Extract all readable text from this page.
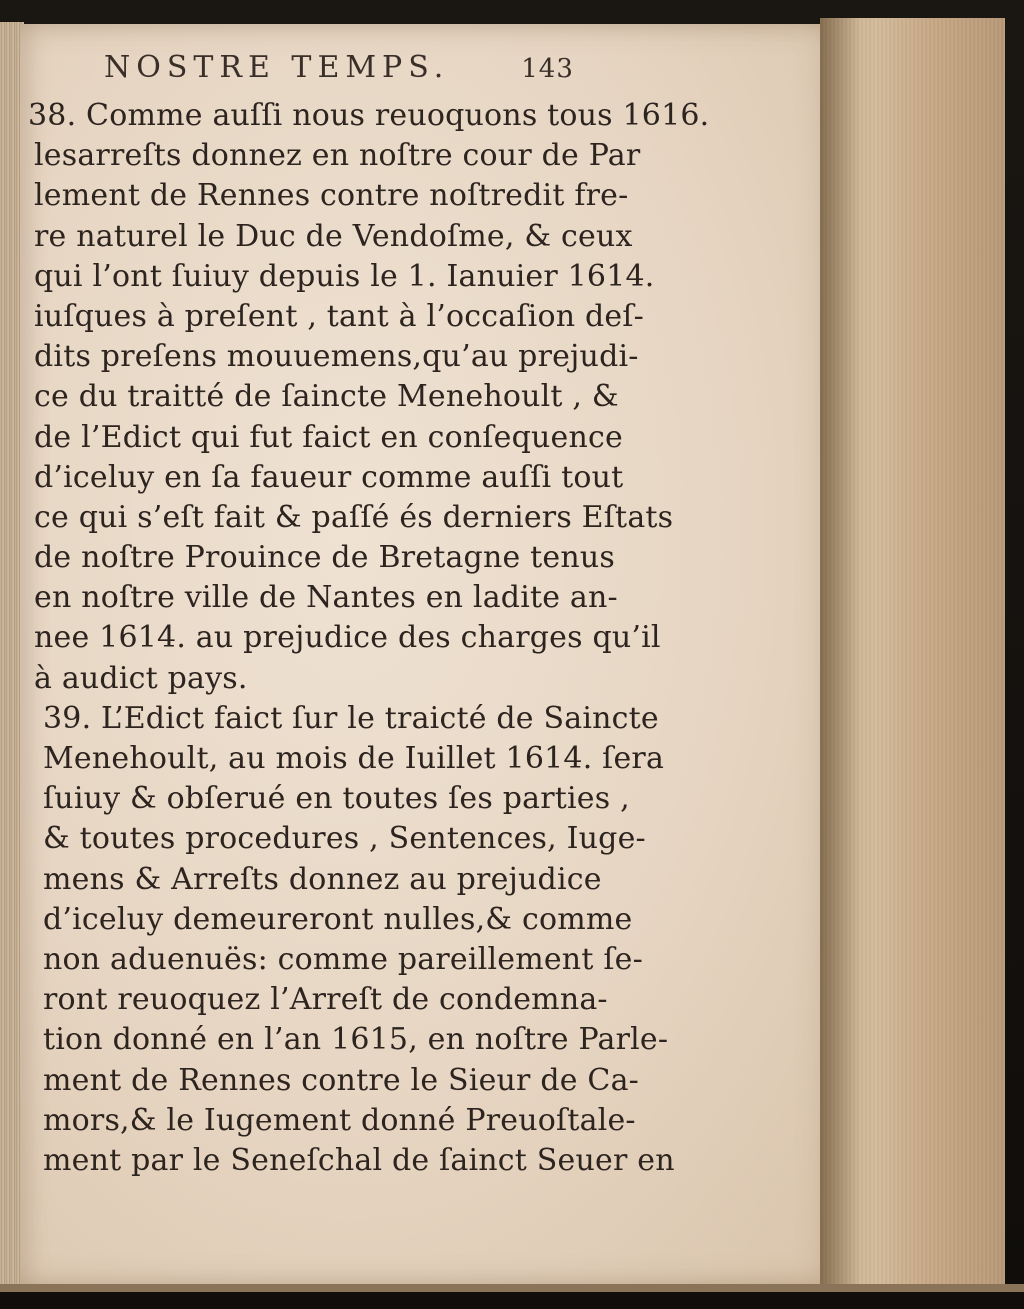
NOSTRE TEMPS.	143
38. Comme auſſi nous reuoquons tous 1616.
lesarreſts donnez en noſtre cour de Par
lement de Rennes contre noſtredit fre-
re naturel le Duc de Vendoſme, & ceux
qui l’ont ſuiuy depuis le 1. Ianuier 1614.
iuſques à preſent , tant à l’occaſion deſ-
dits preſens mouuemens,qu’au prejudi-
ce du traitté de ſaincte Menehoult , &
de l’Edict qui fut faict en conſequence
d’iceluy en ſa faueur comme auſſi tout
ce qui s’eſt fait & paſſé és derniers Eſtats
de noſtre Prouince de Bretagne tenus
en noſtre ville de Nantes en ladite an-
nee 1614. au prejudice des charges qu’il
à audict pays.
39. L’Edict faict ſur le traicté de Saincte
Menehoult, au mois de Iuillet 1614. ſera
ſuiuy & obſerué en toutes ſes parties ,
& toutes procedures , Sentences, Iuge-
mens & Arreſts donnez au prejudice
d’iceluy demeureront nulles,& comme
non aduenuës: comme pareillement ſe-
ront reuoquez l’Arreſt de condemna-
tion donné en l’an 1615, en noſtre Parle-
ment de Rennes contre le Sieur de Ca-
mors,& le Iugement donné Preuoſtale-
ment par le Seneſchal de ſainct Seuer en
